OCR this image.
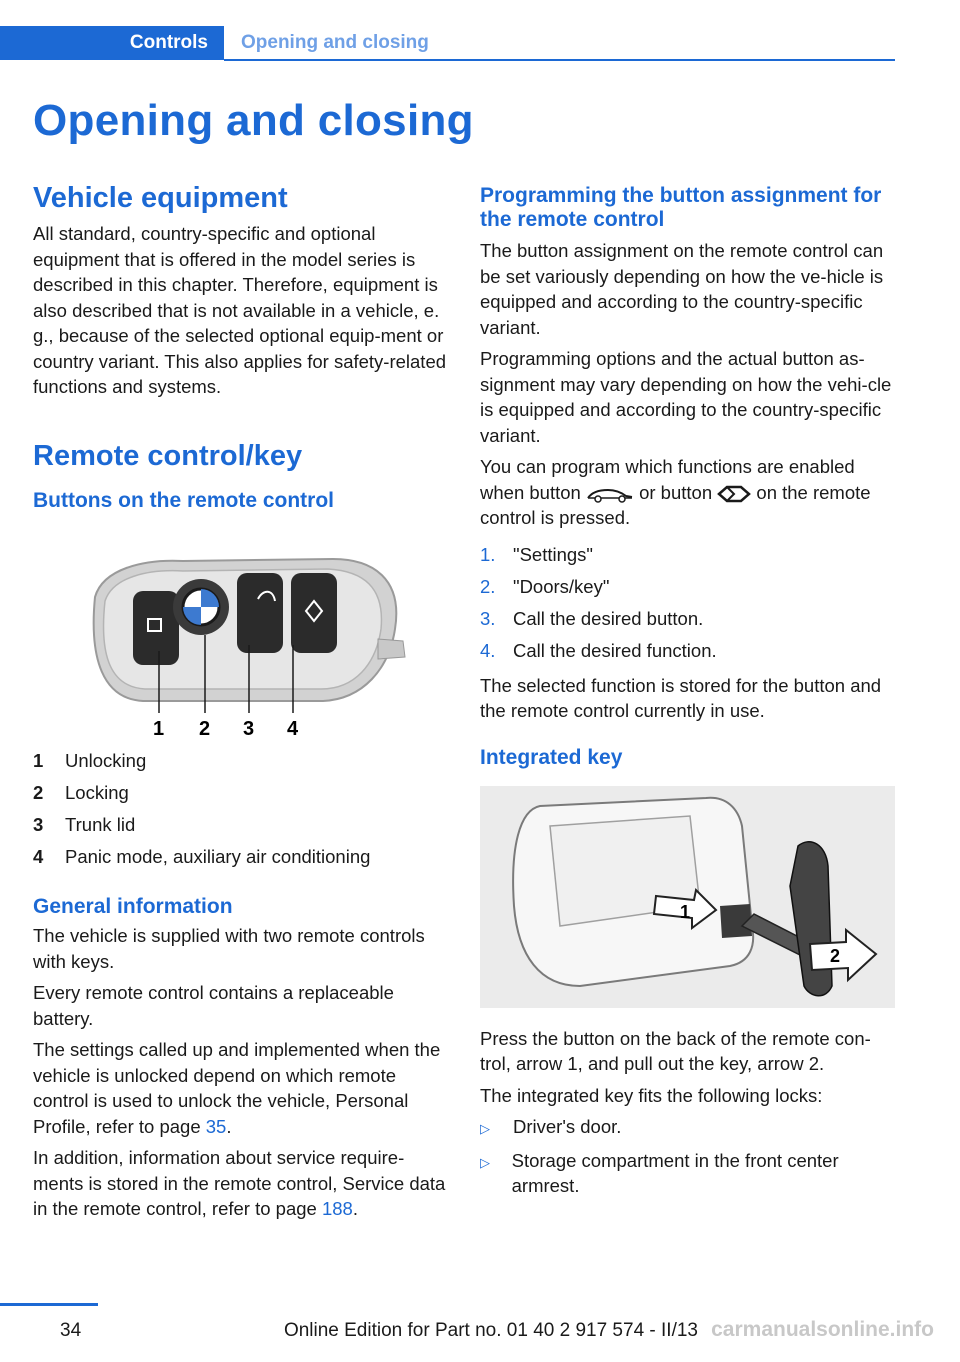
Controls Opening and closing
Opening and closing
Vehicle equipment

All standard, country-specific and optional equipment that is offered in the model series is described in this chapter. Therefore, equipment is also described that is not available in a vehicle, e. g., because of the selected optional equip-ment or country variant. This also applies for safety-related functions and systems.

Remote control/key
Buttons on the remote control
1 2 3 4
1	Unlocking
2	Locking
3	Trunk lid
4	Panic mode, auxiliary air conditioning
General information

The vehicle is supplied with two remote controls with keys.

Every remote control contains a replaceable battery.

The settings called up and implemented when the vehicle is unlocked depend on which remote control is used to unlock the vehicle, Personal Profile, refer to page 35.

In addition, information about service require-ments is stored in the remote control, Service data in the remote control, refer to page 188.

Programming the button assignment for the remote control

The button assignment on the remote control can be set variously depending on how the ve-hicle is equipped and according to the country-specific variant.

Programming options and the actual button as-signment may vary depending on how the vehi-cle is equipped and according to the country-specific variant.

You can program which functions are enabled when button	or button  on the remote control is pressed.

1. "Settings"
2. "Doors/key"
3. Call the desired button.
4. Call the desired function.

The selected function is stored for the button and the remote control currently in use.

Integrated key
1
2

Press the button on the back of the remote con-trol, arrow 1, and pull out the key, arrow 2.

The integrated key fits the following locks:

▷	Driver's door.
▷	Storage compartment in the front center armrest.
34	Online Edition for Part no. 01 40 2 917 574 - II/13 carmanualsonline.info
